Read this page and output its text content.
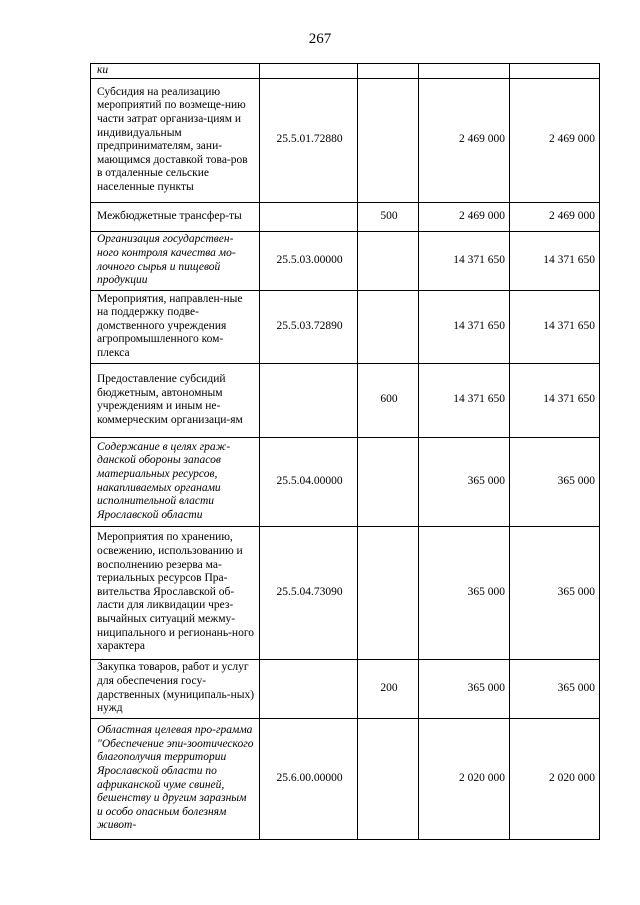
267
ки				
Субсидия на реализацию мероприятий по возмеще-нию части затрат организа-циям и индивидуальным предпринимателям, зани-мающимся доставкой това-ров в отдаленные сельские населенные пункты	25.5.01.72880		2 469 000	2 469 000
Межбюджетные трансфер-ты		500	2 469 000	2 469 000
Организация государствен-ного контроля качества мо-лочного сырья и пищевой продукции	25.5.03.00000		14 371 650	14 371 650
Мероприятия, направлен-ные на поддержку подве-домственного учреждения агропромышленного ком-плекса	25.5.03.72890		14 371 650	14 371 650
Предоставление субсидий бюджетным, автономным учреждениям и иным не-коммерческим организаци-ям		600	14 371 650	14 371 650
Содержание в целях граж-данской обороны запасов материальных ресурсов, накапливаемых органами исполнительной власти Ярославской области	25.5.04.00000		365 000	365 000
Мероприятия по хранению, освежению, использованию и восполнению резерва ма-териальных ресурсов Пра-вительства Ярославской об-ласти для ликвидации чрез-вычайных ситуаций межму-ниципального и регионань-ного характера	25.5.04.73090		365 000	365 000
Закупка товаров, работ и услуг для обеспечения госу-дарственных (муниципаль-ных) нужд		200	365 000	365 000
Областная целевая про-грамма "Обеспечение эпи-зоотического благополучия территории Ярославской области по африканской чуме свиней, бешенству и другим заразным и особо опасным болезням живот-	25.6.00.00000		2 020 000	2 020 000
